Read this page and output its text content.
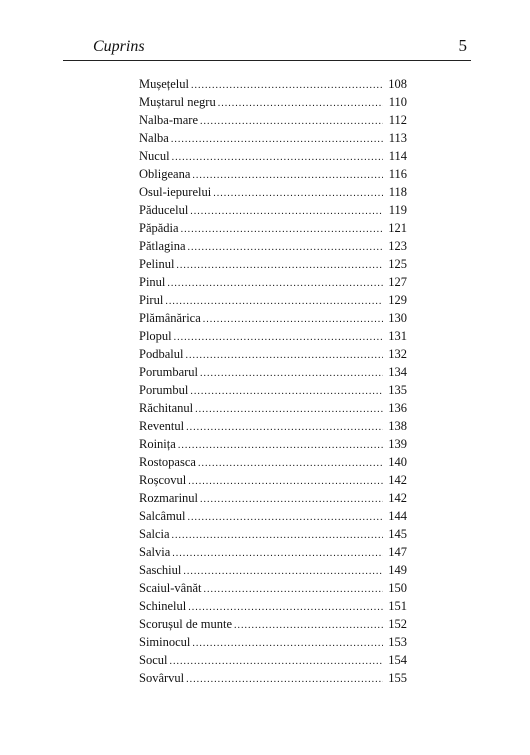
Cuprins	5
Mușețelul .....	108
Muștarul negru .....	110
Nalba-mare .....	112
Nalba .....	113
Nucul .....	114
Obligeana .....	116
Osul-iepurelui .....	118
Păducelul .....	119
Păpădia .....	121
Pătlagina .....	123
Pelinul .....	125
Pinul .....	127
Pirul .....	129
Plămânărica .....	130
Plopul .....	131
Podbalul .....	132
Porumbarul .....	134
Porumbul .....	135
Răchitanul .....	136
Reventul .....	138
Roinița .....	139
Rostopasca .....	140
Roșcovul .....	142
Rozmarinul .....	142
Salcâmul .....	144
Salcia .....	145
Salvia .....	147
Saschiul .....	149
Scaiul-vânăt .....	150
Schinelul .....	151
Scorușul de munte .....	152
Siminocul .....	153
Socul .....	154
Sovârvul .....	155
